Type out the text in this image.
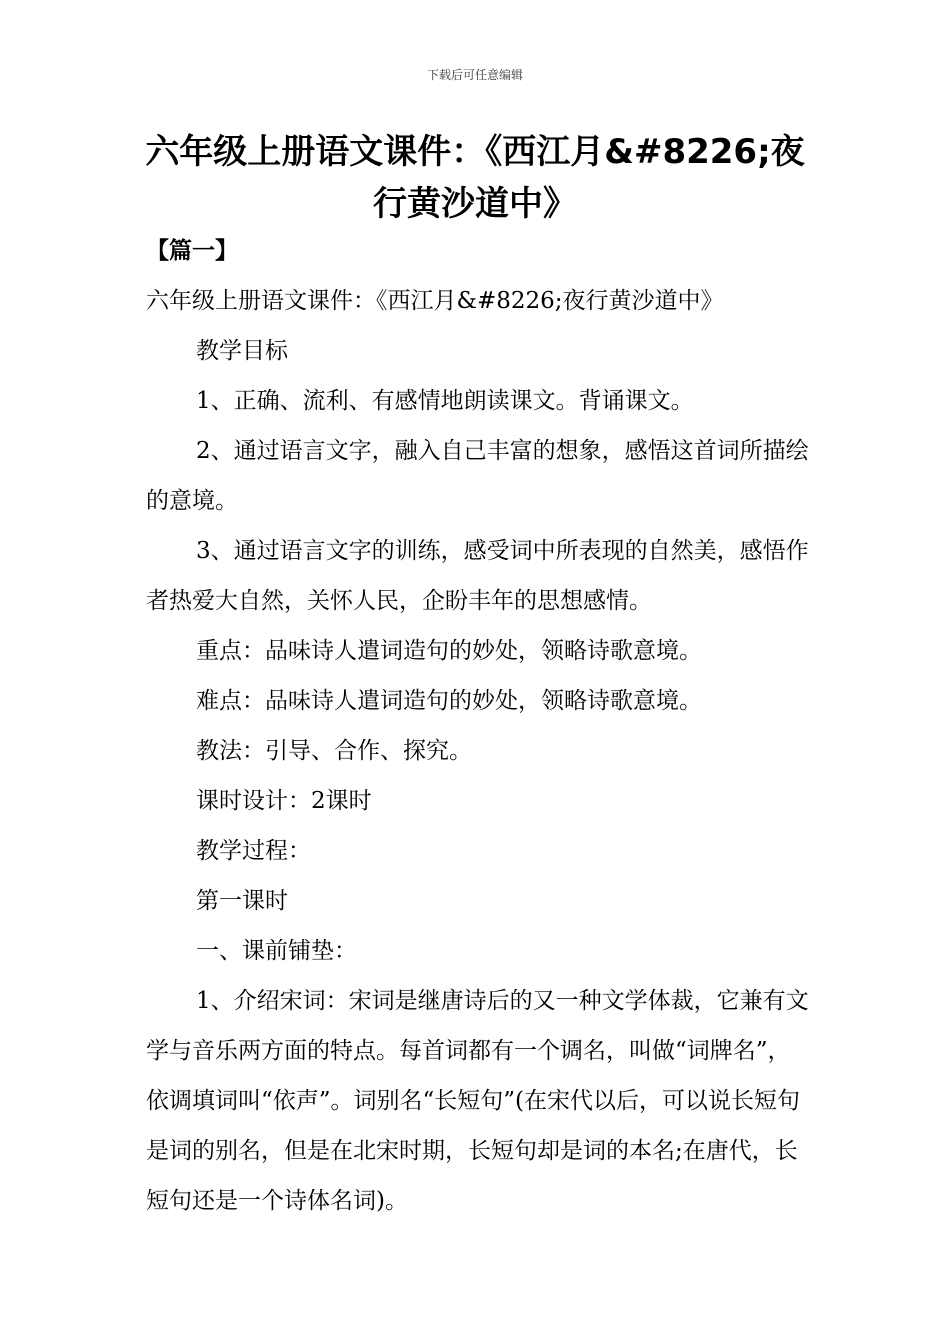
下载后可任意编辑
六年级上册语文课件：《西江月&#8226;夜行黄沙道中》

【篇一】六年级上册语文课件：《西江月&#8226;夜行黄沙道中》

教学目标

1、正确、流利、有感情地朗读课文。背诵课文。

2、通过语言文字，融入自己丰富的想象，感悟这首词所描绘的意境。

3、通过语言文字的训练，感受词中所表现的自然美，感悟作者热爱大自然，关怀人民，企盼丰年的思想感情。

重点：品味诗人遣词造句的妙处，领略诗歌意境。

难点：品味诗人遣词造句的妙处，领略诗歌意境。

教法：引导、合作、探究。

课时设计：2课时

教学过程：

第一课时

一、课前铺垫：

1、介绍宋词：宋词是继唐诗后的又一种文学体裁，它兼有文学与音乐两方面的特点。每首词都有一个调名，叫做“词牌名”，依调填词叫“依声”。词别名“长短句”(在宋代以后，可以说长短句是词的别名，但是在北宋时期，长短句却是词的本名;在唐代，长短句还是一个诗体名词)。
